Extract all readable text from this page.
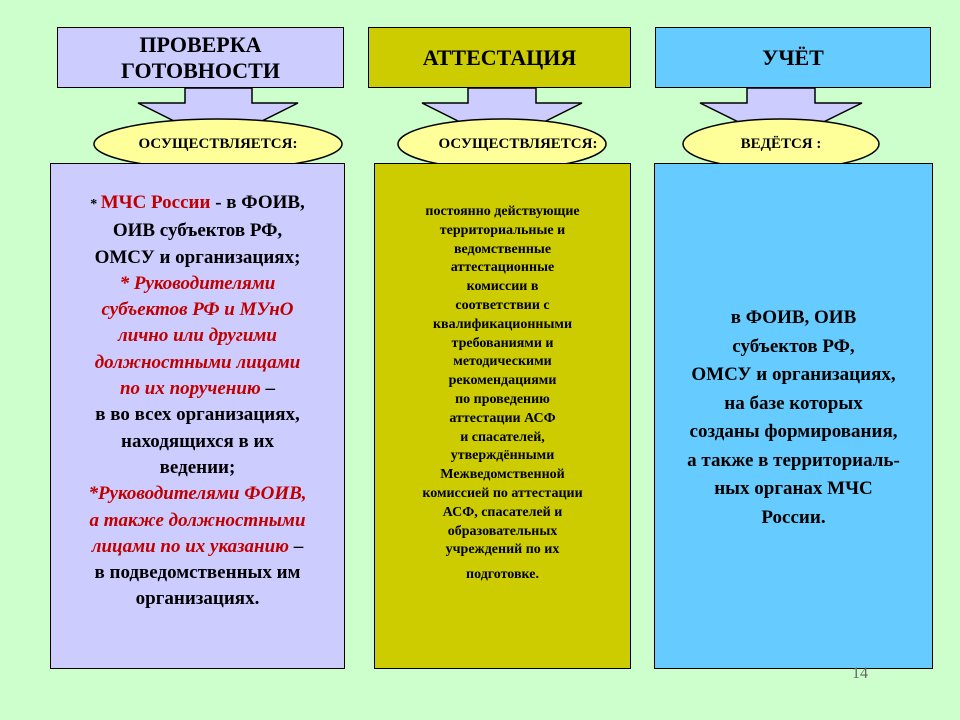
ПРОВЕРКА
ГОТОВНОСТИ
ОСУЩЕСТВЛЯЕТСЯ:
* МЧС России - в ФОИВ,
ОИВ субъектов РФ,
ОМСУ и организациях;
* Руководителями
субъектов РФ и МУнО
лично или другими
должностными лицами
по их поручению –
в во всех организациях,
находящихся в их
ведении;
*Руководителями ФОИВ,
а также должностными
лицами по их указанию –
в подведомственных им
организациях.
АТТЕСТАЦИЯ
ОСУЩЕСТВЛЯЕТСЯ:
постоянно действующие
территориальные и
ведомственные
аттестационные
комиссии в
соответствии с
квалификационными
требованиями и
методическими
рекомендациями
по проведению
аттестации АСФ
и спасателей,
утверждёнными
Межведомственной
комиссией по аттестации
АСФ, спасателей и
образовательных
учреждений по их
подготовке.
УЧЁТ
ВЕДЁТСЯ :
в ФОИВ, ОИВ
субъектов РФ,
ОМСУ и организациях,
на базе которых
созданы формирования,
а также в территориаль-
ных органах МЧС
России.
14
